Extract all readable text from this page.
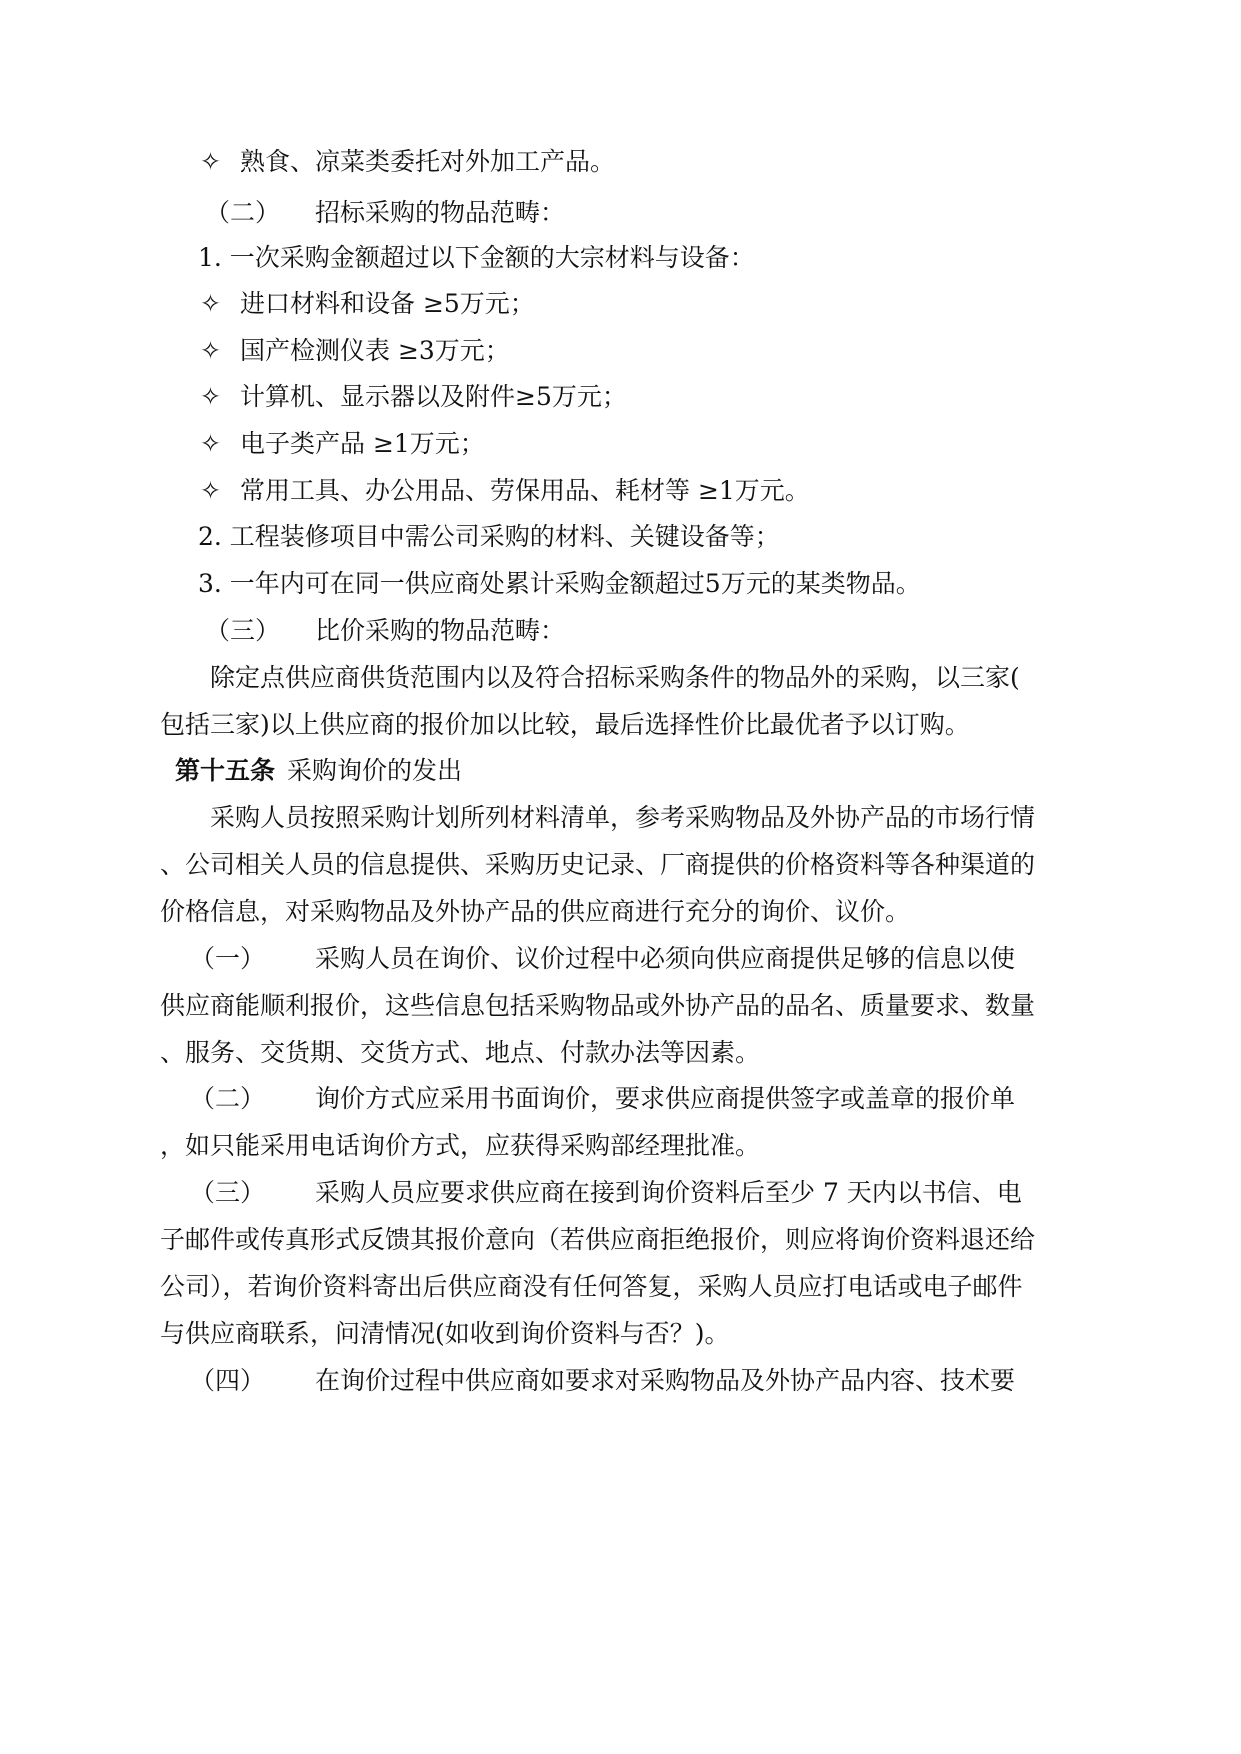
✧ 熟食、凉菜类委托对外加工产品。
（二） 招标采购的物品范畴：
1. 一次采购金额超过以下金额的大宗材料与设备：
✧ 进口材料和设备 ≥5万元；
✧ 国产检测仪表 ≥3万元；
✧ 计算机、显示器以及附件≥5万元；
✧ 电子类产品 ≥1万元；
✧ 常用工具、办公用品、劳保用品、耗材等 ≥1万元。
2. 工程装修项目中需公司采购的材料、关键设备等；
3. 一年内可在同一供应商处累计采购金额超过5万元的某类物品。
（三） 比价采购的物品范畴：
除定点供应商供货范围内以及符合招标采购条件的物品外的采购，以三家(
包括三家)以上供应商的报价加以比较，最后选择性价比最优者予以订购。
第十五条 采购询价的发出
采购人员按照采购计划所列材料清单，参考采购物品及外协产品的市场行情
、公司相关人员的信息提供、采购历史记录、厂商提供的价格资料等各种渠道的
价格信息，对采购物品及外协产品的供应商进行充分的询价、议价。
（一） 采购人员在询价、议价过程中必须向供应商提供足够的信息以使
供应商能顺利报价，这些信息包括采购物品或外协产品的品名、质量要求、数量
、服务、交货期、交货方式、地点、付款办法等因素。
（二） 询价方式应采用书面询价，要求供应商提供签字或盖章的报价单
，如只能采用电话询价方式，应获得采购部经理批准。
（三） 采购人员应要求供应商在接到询价资料后至少 7 天内以书信、电
子邮件或传真形式反馈其报价意向（若供应商拒绝报价，则应将询价资料退还给
公司），若询价资料寄出后供应商没有任何答复，采购人员应打电话或电子邮件
与供应商联系，问清情况(如收到询价资料与否？)。
（四） 在询价过程中供应商如要求对采购物品及外协产品内容、技术要
